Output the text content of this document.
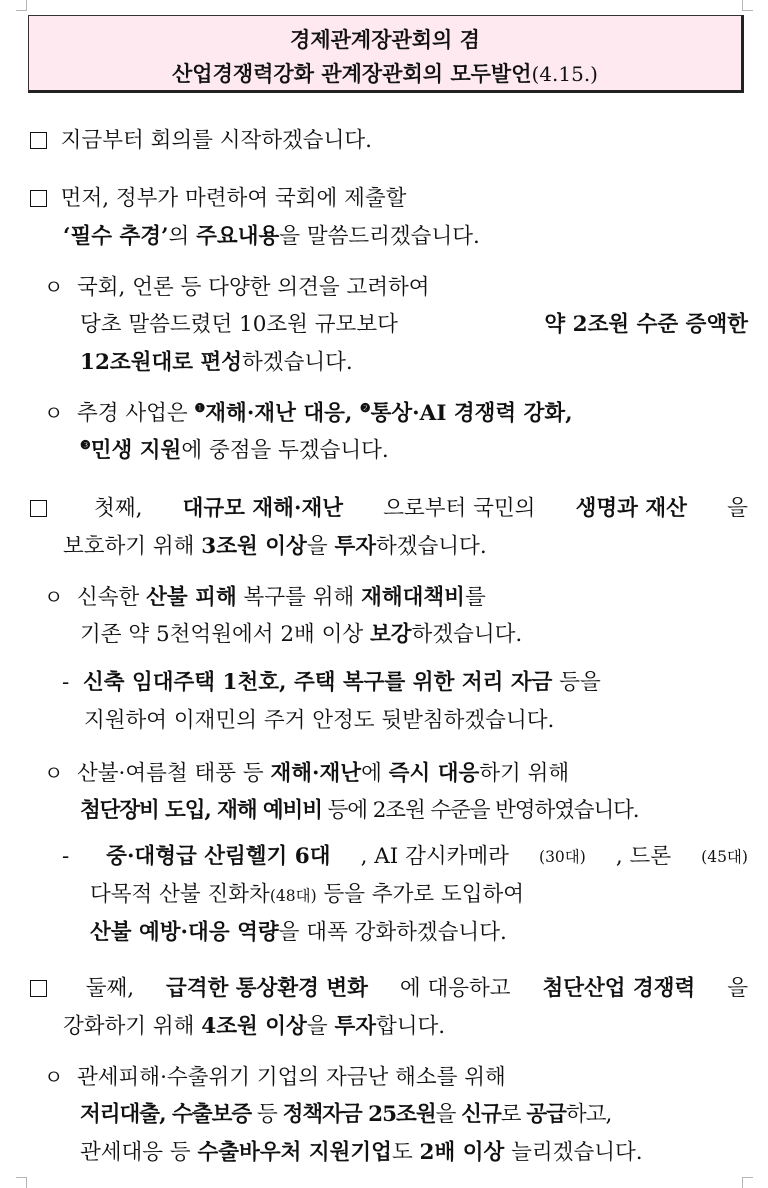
경제관계장관회의 겸
산업경쟁력강화 관계장관회의 모두발언(4.15.)
지금부터 회의를 시작하겠습니다.
먼저, 정부가 마련하여 국회에 제출할
‘필수 추경’의 주요내용을 말씀드리겠습니다.
ㅇ 국회, 언론 등 다양한 의견을 고려하여
당초 말씀드렸던 10조원 규모보다	약 2조원 수준 증액한
12조원대로 편성하겠습니다.
ㅇ 추경 사업은 $^❶$재해·재난 대응, $^❷$통상·AI 경쟁력 강화,
$^❸$민생 지원에 중점을 두겠습니다.

첫째, 대규모 재해·재난 으로부터 국민의 생명과 재산 을
보호하기 위해 3조원 이상을 투자하겠습니다.
ㅇ 신속한 산불 피해 복구를 위해 재해대책비를
기존 약 5천억원에서 2배 이상 보강하겠습니다.
- 신축 임대주택 1천호, 주택 복구를 위한 저리 자금 등을
지원하여 이재민의 주거 안정도 뒷받침하겠습니다.
ㅇ 산불·여름철 태풍 등 재해·재난에 즉시 대응하기 위해
첨단장비 도입, 재해 예비비 등에 2조원 수준을 반영하였습니다.
-	중·대형급 산림헬기 6대 , AI 감시카메라 (30대) , 드론 (45대)
다목적 산불 진화차(48대) 등을 추가로 도입하여
산불 예방·대응 역량을 대폭 강화하겠습니다.

둘째, 급격한 통상환경 변화 에 대응하고 첨단산업 경쟁력 을
강화하기 위해 4조원 이상을 투자합니다.
ㅇ 관세피해·수출위기 기업의 자금난 해소를 위해
저리대출, 수출보증 등 정책자금 25조원을 신규로 공급하고,
관세대응 등 수출바우처 지원기업도 2배 이상 늘리겠습니다.
